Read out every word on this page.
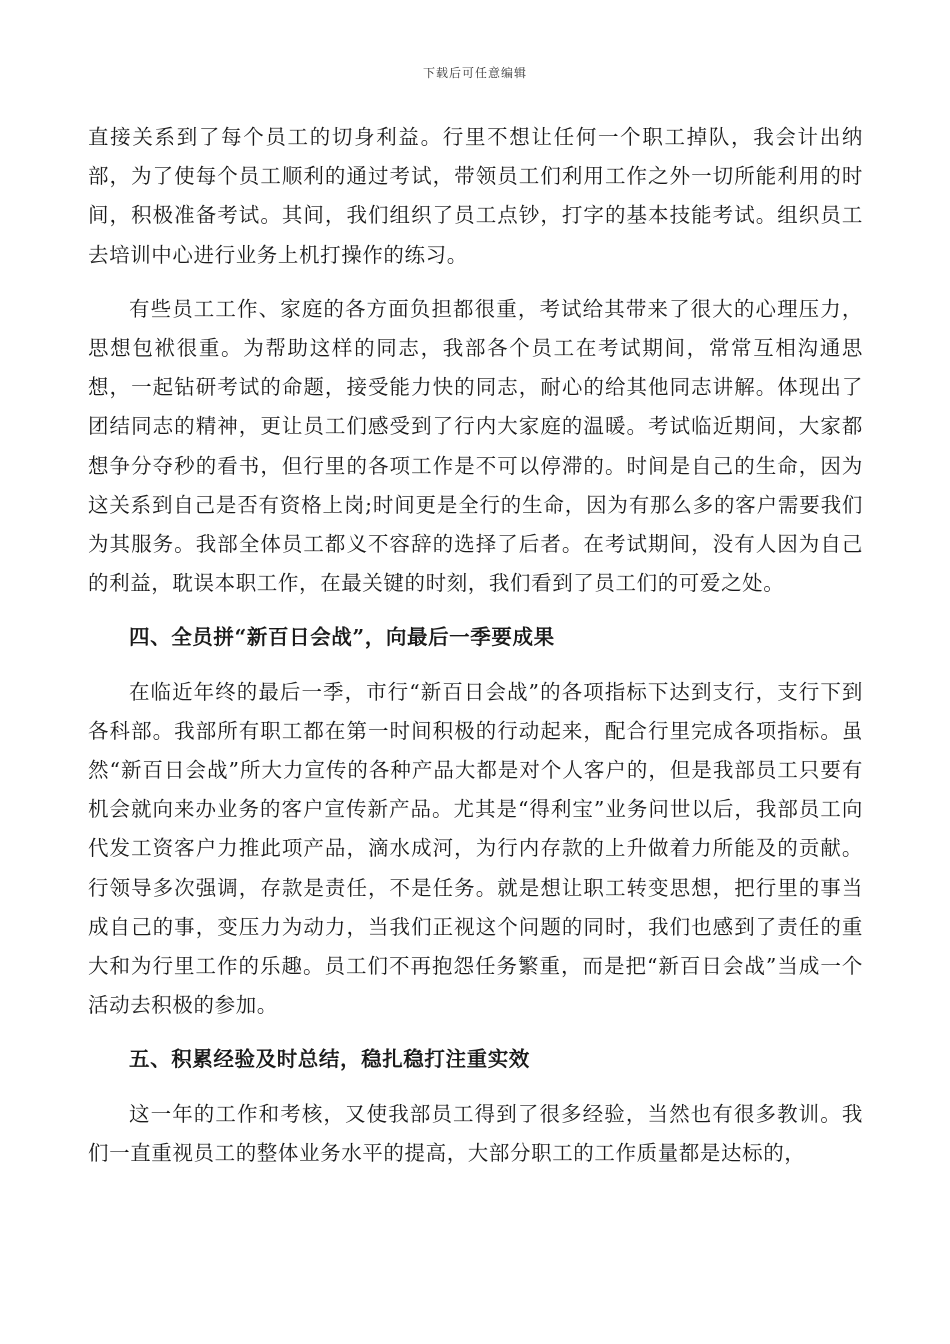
下载后可任意编辑

直接关系到了每个员工的切身利益。行里不想让任何一个职工掉队，我会计出纳部，为了使每个员工顺利的通过考试，带领员工们利用工作之外一切所能利用的时间，积极准备考试。其间，我们组织了员工点钞，打字的基本技能考试。组织员工去培训中心进行业务上机打操作的练习。

有些员工工作、家庭的各方面负担都很重，考试给其带来了很大的心理压力，思想包袱很重。为帮助这样的同志，我部各个员工在考试期间，常常互相沟通思想，一起钻研考试的命题，接受能力快的同志，耐心的给其他同志讲解。体现出了团结同志的精神，更让员工们感受到了行内大家庭的温暖。考试临近期间，大家都想争分夺秒的看书，但行里的各项工作是不可以停滞的。时间是自己的生命，因为这关系到自己是否有资格上岗;时间更是全行的生命，因为有那么多的客户需要我们为其服务。我部全体员工都义不容辞的选择了后者。在考试期间，没有人因为自己的利益，耽误本职工作，在最关键的时刻，我们看到了员工们的可爱之处。

四、全员拼“新百日会战”，向最后一季要成果

在临近年终的最后一季，市行“新百日会战”的各项指标下达到支行，支行下到各科部。我部所有职工都在第一时间积极的行动起来，配合行里完成各项指标。虽然“新百日会战”所大力宣传的各种产品大都是对个人客户的，但是我部员工只要有机会就向来办业务的客户宣传新产品。尤其是“得利宝”业务问世以后，我部员工向代发工资客户力推此项产品，滴水成河，为行内存款的上升做着力所能及的贡献。行领导多次强调，存款是责任，不是任务。就是想让职工转变思想，把行里的事当成自己的事，变压力为动力，当我们正视这个问题的同时，我们也感到了责任的重大和为行里工作的乐趣。员工们不再抱怨任务繁重，而是把“新百日会战”当成一个活动去积极的参加。

五、积累经验及时总结，稳扎稳打注重实效

这一年的工作和考核，又使我部员工得到了很多经验，当然也有很多教训。我们一直重视员工的整体业务水平的提高，大部分职工的工作质量都是达标的，
